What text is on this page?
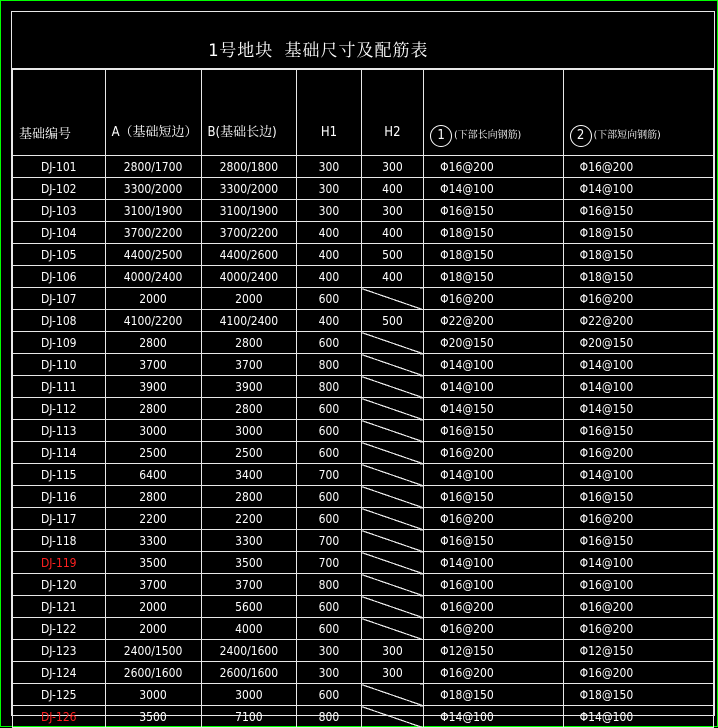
1号地块 基础尺寸及配筋表
基础编号	A（基础短边）	B(基础长边)	H1	H2	1 (下部长向钢筋)	2 (下部短向钢筋)
DJ-101	2800/1700	2800/1800	300	300	Φ16@200	Φ16@200
DJ-102	3300/2000	3300/2000	300	400	Φ14@100	Φ14@100
DJ-103	3100/1900	3100/1900	300	300	Φ16@150	Φ16@150
DJ-104	3700/2200	3700/2200	400	400	Φ18@150	Φ18@150
DJ-105	4400/2500	4400/2600	400	500	Φ18@150	Φ18@150
DJ-106	4000/2400	4000/2400	400	400	Φ18@150	Φ18@150
DJ-107	2000	2000	600		Φ16@200	Φ16@200
DJ-108	4100/2200	4100/2400	400	500	Φ22@200	Φ22@200
DJ-109	2800	2800	600		Φ20@150	Φ20@150
DJ-110	3700	3700	800		Φ14@100	Φ14@100
DJ-111	3900	3900	800		Φ14@100	Φ14@100
DJ-112	2800	2800	600		Φ14@150	Φ14@150
DJ-113	3000	3000	600		Φ16@150	Φ16@150
DJ-114	2500	2500	600		Φ16@200	Φ16@200
DJ-115	6400	3400	700		Φ14@100	Φ14@100
DJ-116	2800	2800	600		Φ16@150	Φ16@150
DJ-117	2200	2200	600		Φ16@200	Φ16@200
DJ-118	3300	3300	700		Φ16@150	Φ16@150
DJ-119	3500	3500	700		Φ14@100	Φ14@100
DJ-120	3700	3700	800		Φ16@100	Φ16@100
DJ-121	2000	5600	600		Φ16@200	Φ16@200
DJ-122	2000	4000	600		Φ16@200	Φ16@200
DJ-123	2400/1500	2400/1600	300	300	Φ12@150	Φ12@150
DJ-124	2600/1600	2600/1600	300	300	Φ16@200	Φ16@200
DJ-125	3000	3000	600		Φ18@150	Φ18@150
DJ-126	3500	7100	800		Φ14@100	Φ14@100
